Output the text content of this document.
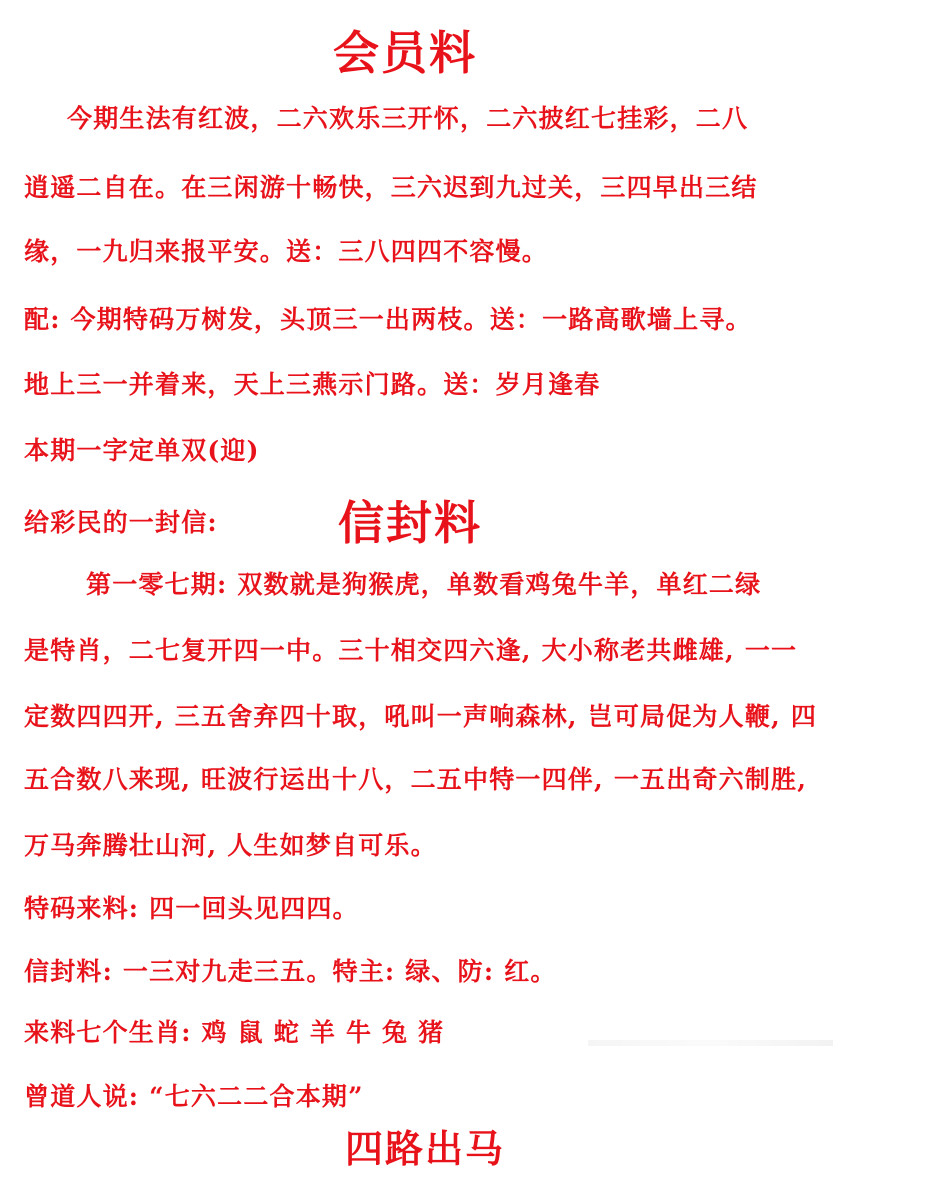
会员料
今期生法有红波，二六欢乐三开怀，二六披红七挂彩，二八
逍遥二自在。在三闲游十畅快，三六迟到九过关，三四早出三结
缘，一九归来报平安。送：三八四四不容慢。
配: 今期特码万树发，头顶三一出两枝。送：一路高歌墙上寻。
地上三一并着来，天上三燕示门路。送：岁月逢春
本期一字定单双(迎)
给彩民的一封信:	信封料
第一零七期: 双数就是狗猴虎，单数看鸡兔牛羊，单红二绿
是特肖，二七复开四一中。三十相交四六逢, 大小称老共雌雄, 一一
定数四四开, 三五舍弃四十取，吼叫一声响森林, 岂可局促为人鞭, 四
五合数八来现, 旺波行运出十八，二五中特一四伴, 一五出奇六制胜,
万马奔腾壮山河, 人生如梦自可乐。
特码来料: 四一回头见四四。
信封料: 一三对九走三五。特主: 绿、防: 红。
来料七个生肖: 鸡 鼠 蛇 羊 牛 兔 猪
曾道人说: “七六二二合本期”
四路出马
